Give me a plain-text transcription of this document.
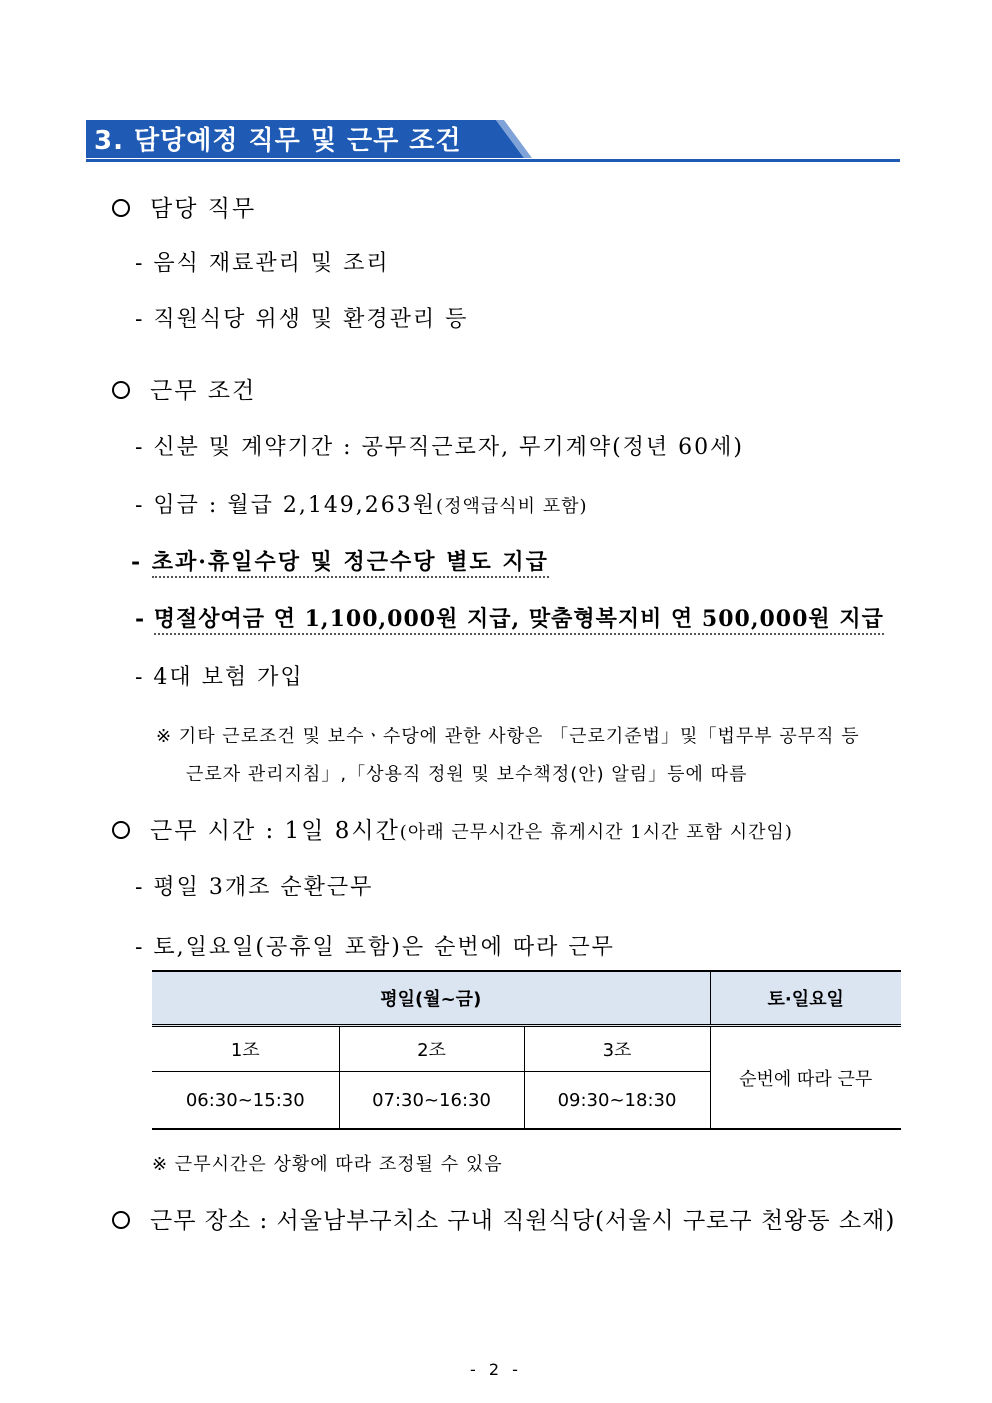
3. 담당예정 직무 및 근무 조건
담당 직무
- 음식 재료관리 및 조리
- 직원식당 위생 및 환경관리 등
근무 조건
- 신분 및 계약기간 : 공무직근로자, 무기계약(정년 60세)
- 임금 : 월급 2,149,263원(정액급식비 포함)
- 초과·휴일수당 및 정근수당 별도 지급
- 명절상여금 연 1,100,000원 지급, 맞춤형복지비 연 500,000원 지급
- 4대 보험 가입
※ 기타 근로조건 및 보수ㆍ수당에 관한 사항은 「근로기준법」및「법무부 공무직 등
근로자 관리지침」,「상용직 정원 및 보수책정(안) 알림」등에 따름
근무 시간 : 1일 8시간(아래 근무시간은 휴게시간 1시간 포함 시간임)
- 평일 3개조 순환근무
- 토,일요일(공휴일 포함)은 순번에 따라 근무
평일(월~금)			토·일요일
1조	2조	3조	순번에 따라 근무
06:30~15:30	07:30~16:30	09:30~18:30	
※ 근무시간은 상황에 따라 조정될 수 있음
근무 장소 : 서울남부구치소 구내 직원식당(서울시 구로구 천왕동 소재)
- 2 -
